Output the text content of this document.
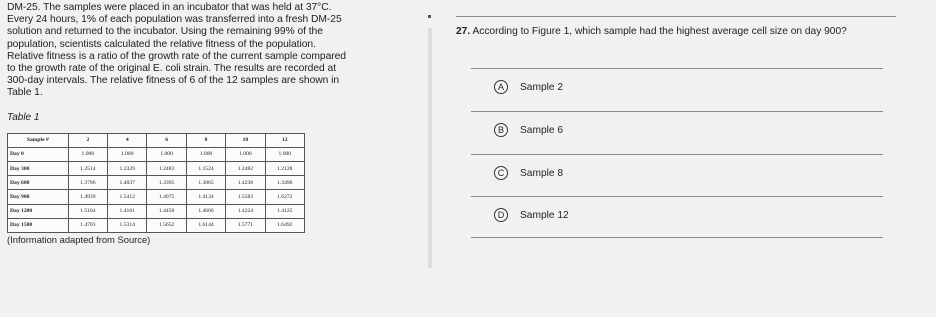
DM-25. The samples were placed in an incubator that was held at 37°C.

Every 24 hours, 1% of each population was transferred into a fresh DM-25

solution and returned to the incubator. Using the remaining 99% of the

population, scientists calculated the relative fitness of the population.

Relative fitness is a ratio of the growth rate of the current sample compared

to the growth rate of the original E. coli strain. The results are recorded at

300-day intervals. The relative fitness of 6 of the 12 samples are shown in

Table 1.

Table 1
Sample #	2	4	6	8	10	12
Day 0	1.000	1.000	1.000	1.000	1.000	1.000
Day 300	1.2514	1.2329	1.2483	1.1524	1.2482	1.2128
Day 600	1.3796	1.4037	1.3395	1.3865	1.4238	1.3490
Day 900	1.4939	1.5412	1.4075	1.4134	1.5583	1.6272
Day 1200	1.5104	1.4161	1.4450	1.4666	1.4224	1.4125
Day 1500	1.4703	1.5314	1.5652	1.6144	1.5771	1.6492
(Information adapted from Source)
27. According to Figure 1, which sample had the highest average cell size on day 900?
A	Sample 2
B	Sample 6
C	Sample 8
D	Sample 12
